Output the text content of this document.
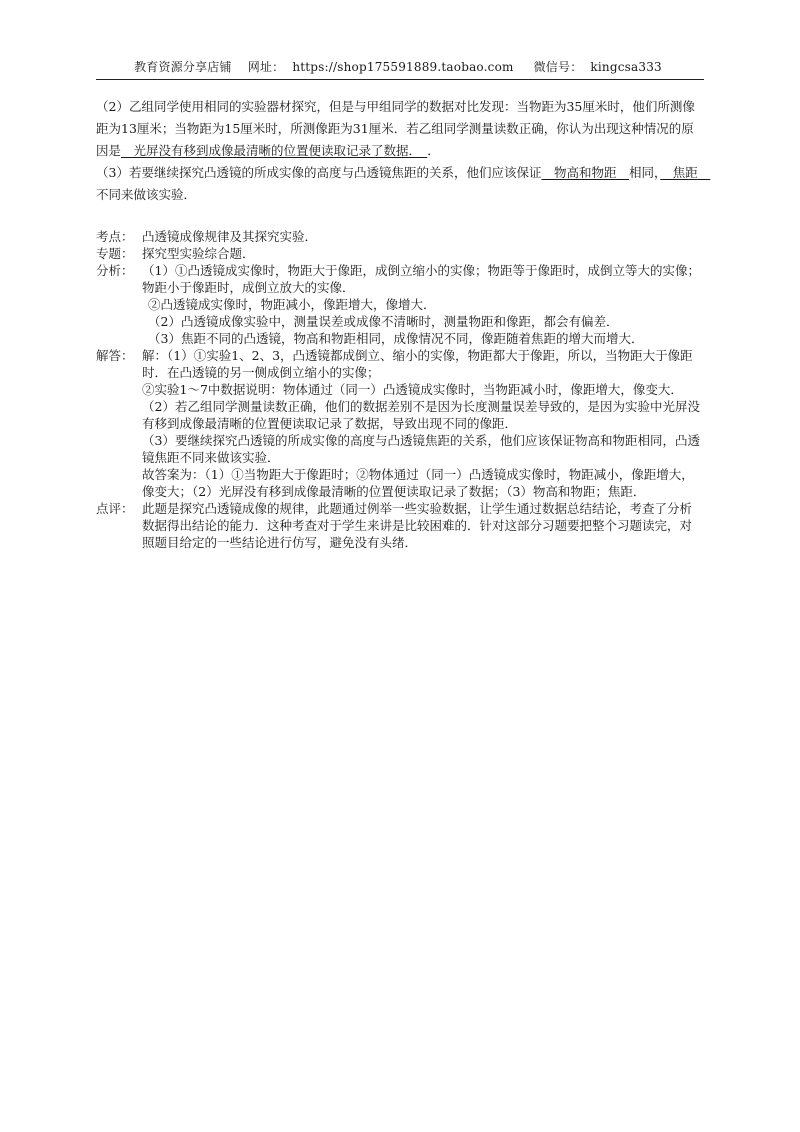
教育资源分享店铺 网址： https://shop175591889.taobao.com 微信号： kingcsa333

（2）乙组同学使用相同的实验器材探究，但是与甲组同学的数据对比发现：当物距为35厘米时，他们所测像距为13厘米；当物距为15厘米时，所测像距为31厘米．若乙组同学测量读数正确，你认为出现这种情况的原因是　光屏没有移到成像最清晰的位置便读取记录了数据．　．

（3）若要继续探究凸透镜的所成实像的高度与凸透镜焦距的关系，他们应该保证　物高和物距　相同，　焦距　不同来做该实验．

考点： 凸透镜成像规律及其探究实验．
专题： 探究型实验综合题．
分析： （1）①凸透镜成实像时，物距大于像距，成倒立缩小的实像；物距等于像距时，成倒立等大的实像；物距小于像距时，成倒立放大的实像．

②凸透镜成实像时，物距减小，像距增大，像增大．

（2）凸透镜成像实验中，测量误差或成像不清晰时，测量物距和像距，都会有偏差．

（3）焦距不同的凸透镜，物高和物距相同，成像情况不同，像距随着焦距的增大而增大．

解答： 解：（1）①实验1、2、3，凸透镜都成倒立、缩小的实像，物距都大于像距，所以，当物距大于像距时．在凸透镜的另一侧成倒立缩小的实像；

②实验1～7中数据说明：物体通过（同一）凸透镜成实像时，当物距减小时，像距增大，像变大．

（2）若乙组同学测量读数正确，他们的数据差别不是因为长度测量误差导致的，是因为实验中光屏没有移到成像最清晰的位置便读取记录了数据，导致出现不同的像距．

（3）要继续探究凸透镜的所成实像的高度与凸透镜焦距的关系，他们应该保证物高和物距相同，凸透镜焦距不同来做该实验．

故答案为：（1）①当物距大于像距时；②物体通过（同一）凸透镜成实像时，物距减小，像距增大，像变大；（2）光屏没有移到成像最清晰的位置便读取记录了数据；（3）物高和物距；焦距．

点评： 此题是探究凸透镜成像的规律，此题通过例举一些实验数据，让学生通过数据总结结论，考查了分析数据得出结论的能力．这种考查对于学生来讲是比较困难的．针对这部分习题要把整个习题读完，对照题目给定的一些结论进行仿写，避免没有头绪．
